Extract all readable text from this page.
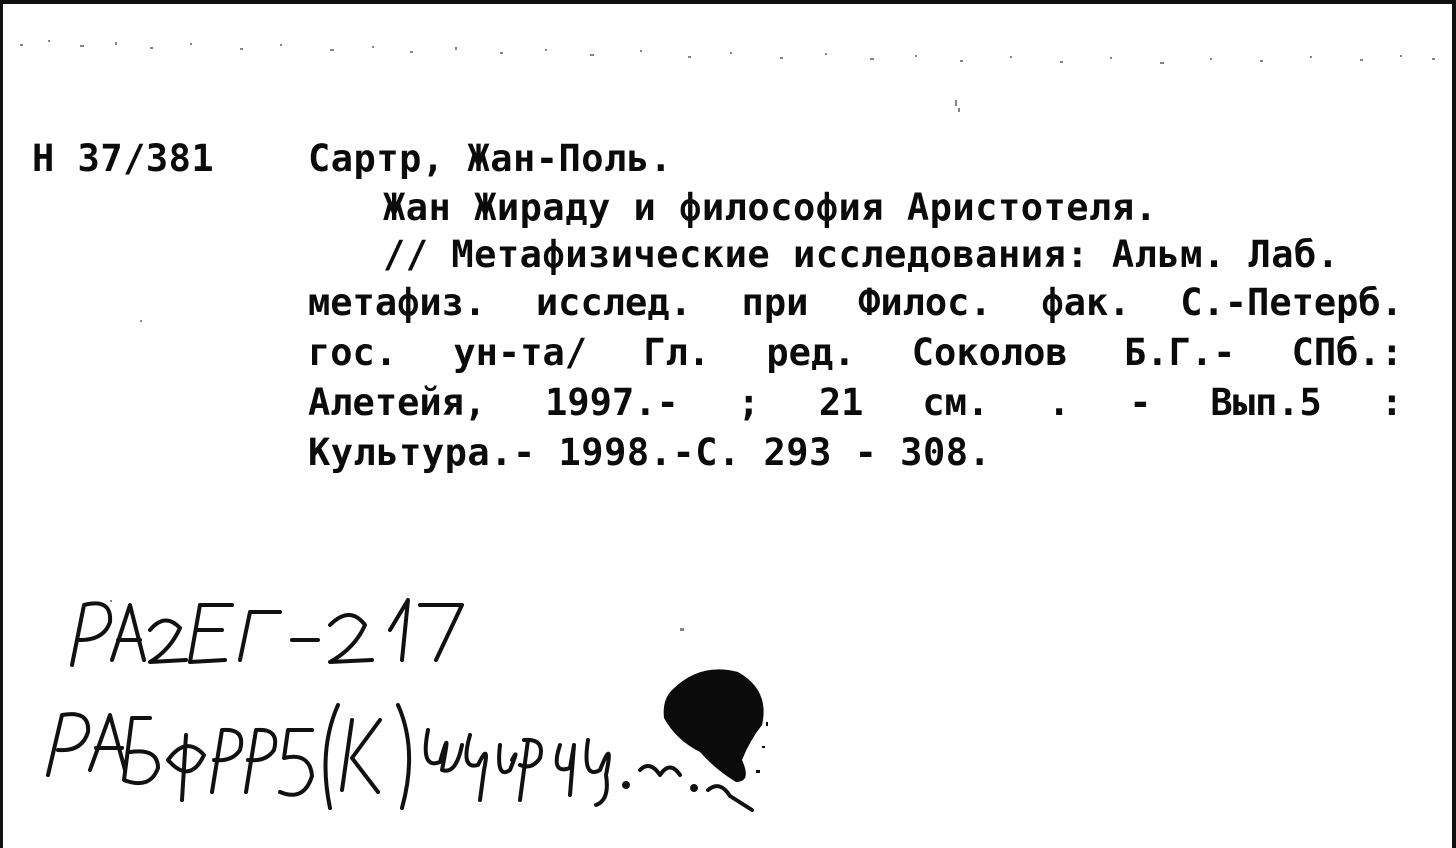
Н 37/381	Сартр, Жан-Поль.
Жан Жираду и философия Аристотеля.
// Метафизические исследования: Альм. Лаб.
метафиз. исслед. при Филос. фак. С.-Петерб.
гос. ун-та/ Гл. ред. Соколов Б.Г.- СПб.:
Алетейя, 1997.- ; 21 см. . - Вып.5 :
Культура.- 1998.-С. 293 - 308.
